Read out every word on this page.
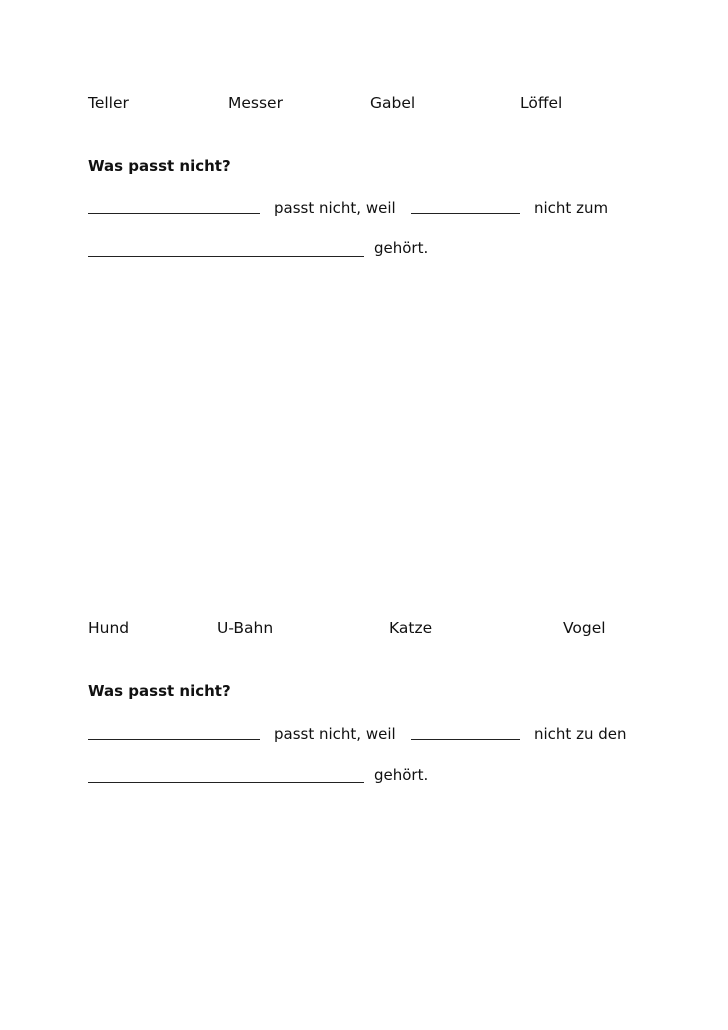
Teller	Messer	Gabel	Löffel
Was passt nicht?
passt nicht, weil	nicht zum
gehört.
Hund	U-Bahn	Katze	Vogel
Was passt nicht?
passt nicht, weil	nicht zu den
gehört.
